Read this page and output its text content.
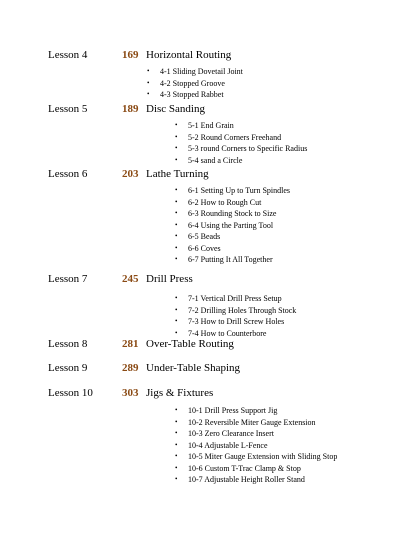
Lesson 4	169 Horizontal Routing
• 4-1 Sliding Dovetail Joint
• 4-2 Stopped Groove
• 4-3 Stopped Rabbet
Lesson 5	189 Disc Sanding
• 5-1 End Grain
• 5-2 Round Corners Freehand
• 5-3 round Corners to Specific Radius
• 5-4 sand a Circle
Lesson 6	203 Lathe Turning
• 6-1 Setting Up to Turn Spindles
• 6-2 How to Rough Cut
• 6-3 Rounding Stock to Size
• 6-4 Using the Parting Tool
• 6-5 Beads
• 6-6 Coves
• 6-7 Putting It All Together
Lesson 7	245 Drill Press
• 7-1 Vertical Drill Press Setup
• 7-2 Drilling Holes Through Stock
• 7-3 How to Drill Screw Holes
• 7-4 How to Counterbore
Lesson 8	281 Over-Table Routing
Lesson 9	289 Under-Table Shaping
Lesson 10	303 Jigs & Fixtures
• 10-1 Drill Press Support Jig
• 10-2 Reversible Miter Gauge Extension
• 10-3 Zero Clearance Insert
• 10-4 Adjustable L-Fence
• 10-5 Miter Gauge Extension with Sliding Stop
• 10-6 Custom T-Trac Clamp & Stop
• 10-7 Adjustable Height Roller Stand
